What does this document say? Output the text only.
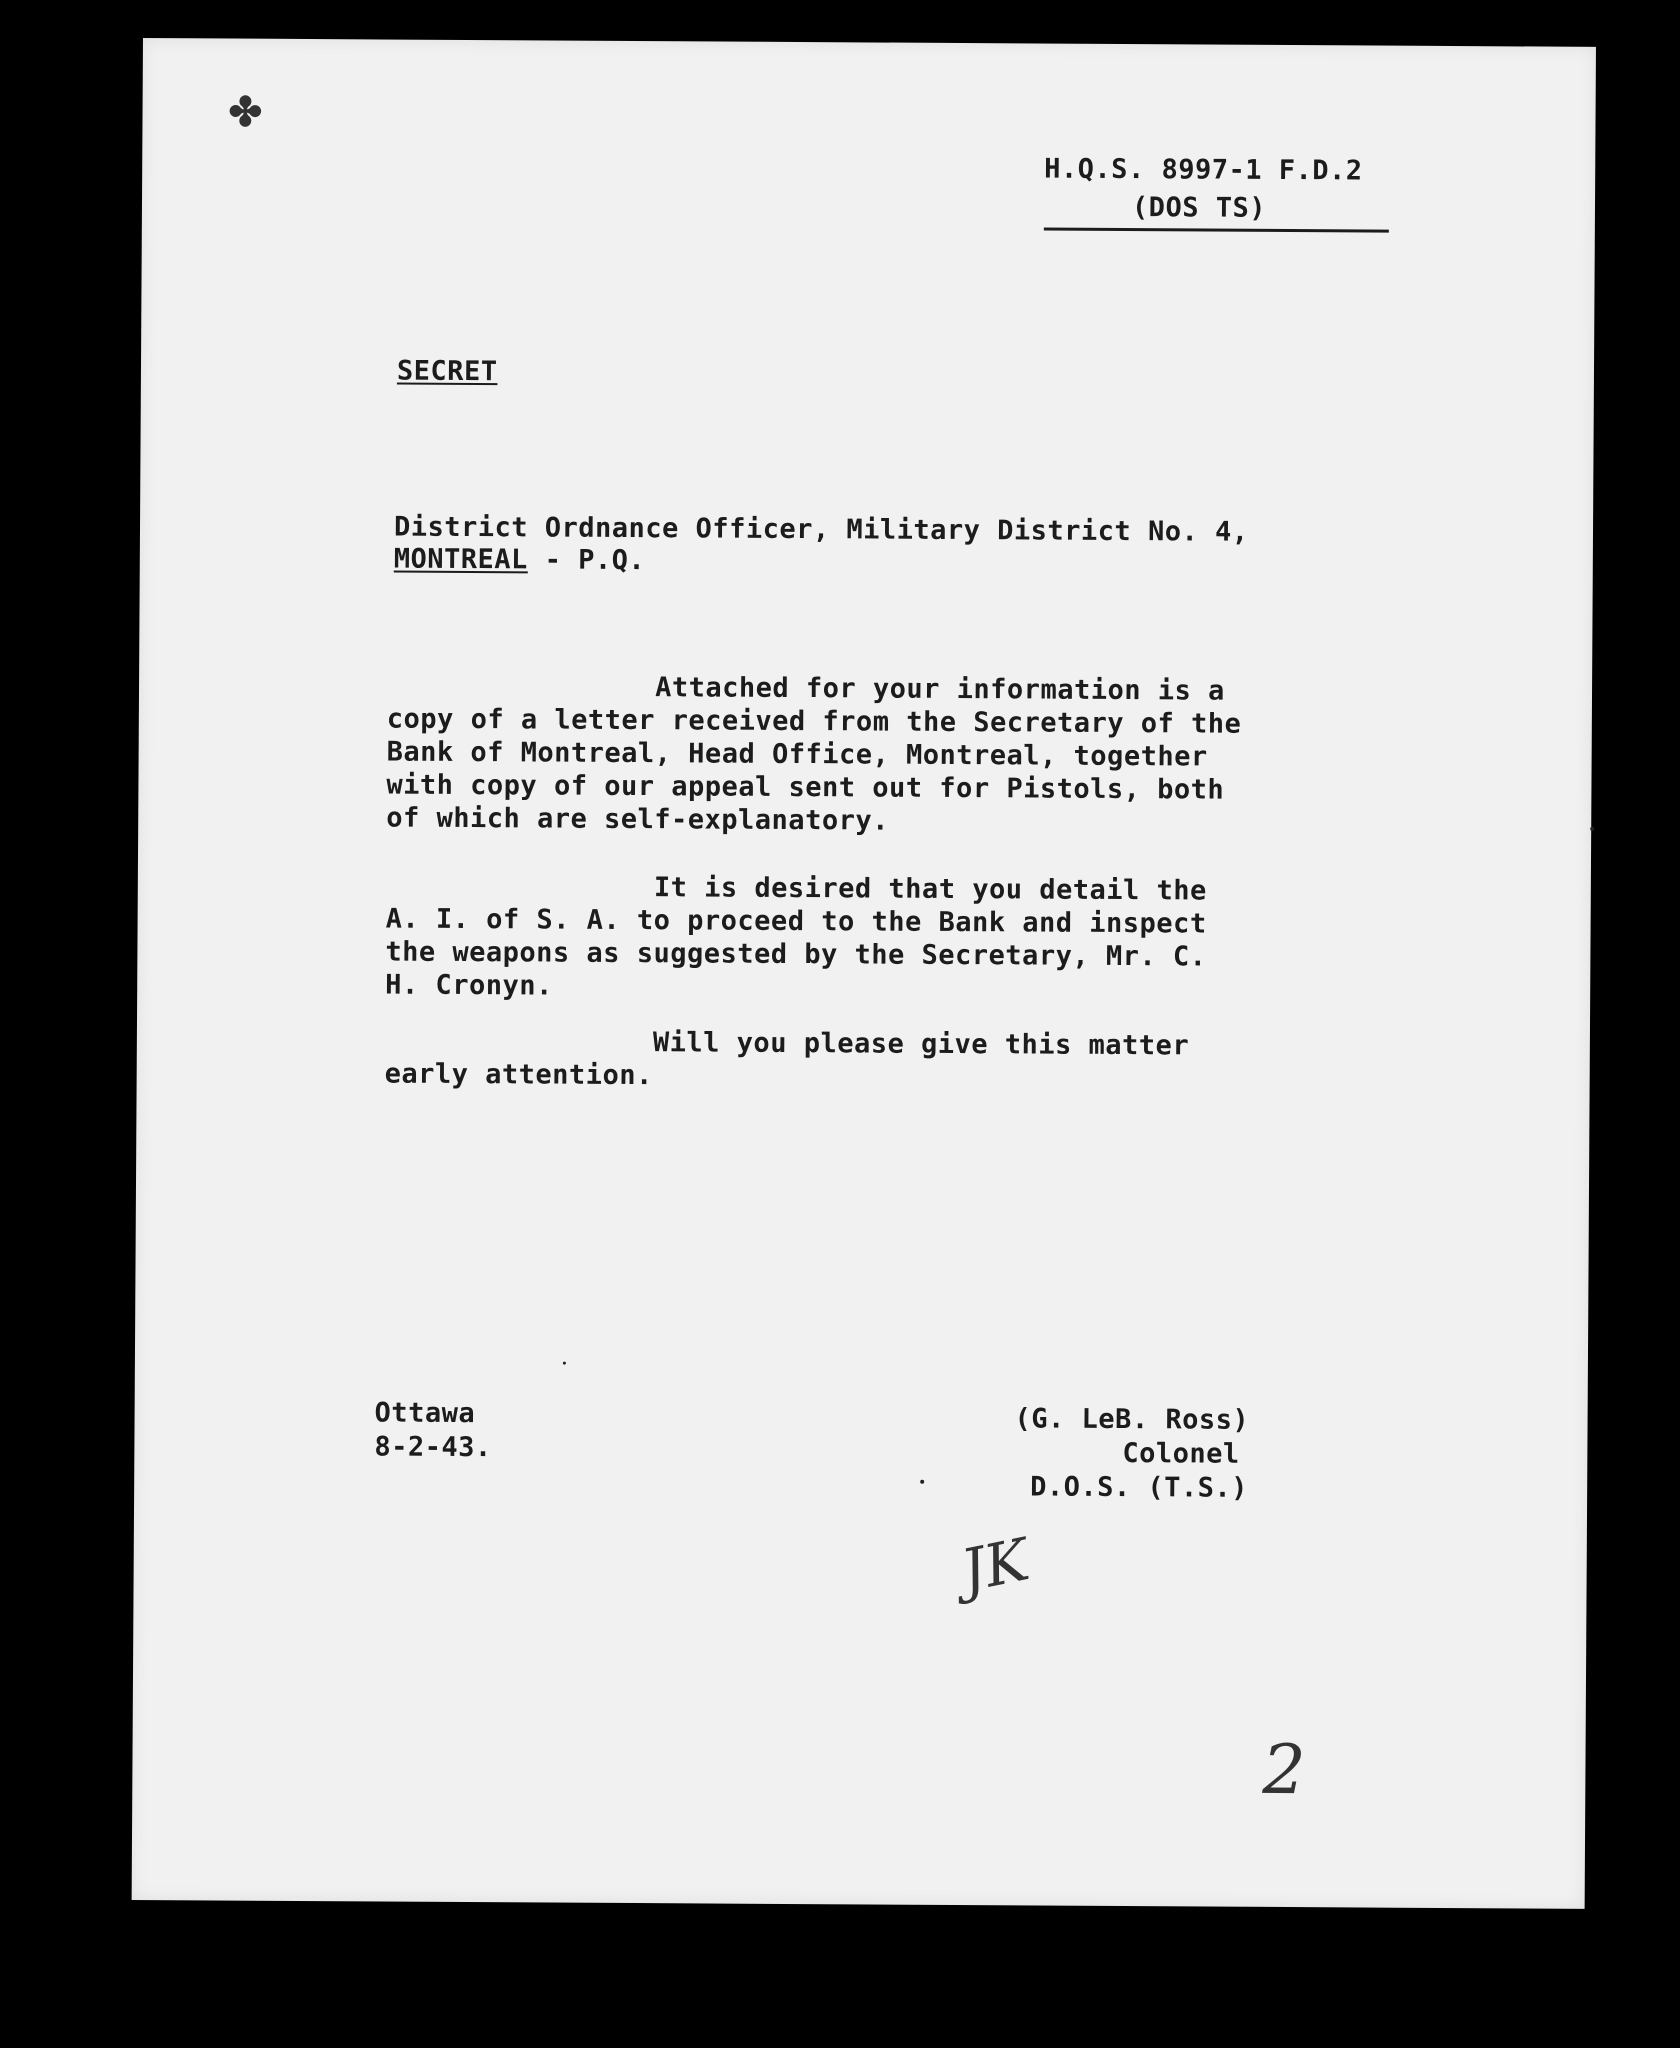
✤
H.Q.S. 8997-1 F.D.2
(DOS TS)
SECRET
District Ordnance Officer, Military District No. 4,
MONTREAL - P.Q.
Attached for your information is a
copy of a letter received from the Secretary of the
Bank of Montreal, Head Office, Montreal, together
with copy of our appeal sent out for Pistols, both
of which are self-explanatory.
It is desired that you detail the
A. I. of S. A. to proceed to the Bank and inspect
the weapons as suggested by the Secretary, Mr. C.
H. Cronyn.
Will you please give this matter
early attention.
Ottawa
8-2-43.
(G. LeB. Ross)
Colonel
D.O.S. (T.S.)
JK
2
